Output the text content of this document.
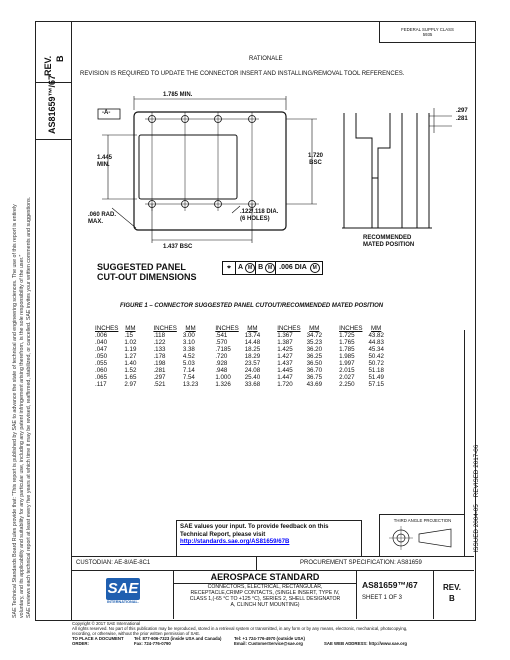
REV. B
AS81659™/67
SAE Technical Standards Board Rules provide that: “This report is published by SAE to advance the state of technical and engineering sciences. The use of this report is entirely voluntary, and its applicability and suitability for any particular use, including any patent infringement arising therefrom, is the sole responsibility of the user.” SAE reviews each technical report at least every five years at which time it may be revised, reaffirmed, stabilized, or cancelled. SAE invites your written comments and suggestions.	ISSUED 2004-05    REVISED 2017-06

FEDERAL SUPPLY CLASS
5935
RATIONALE
REVISION IS REQUIRED TO UPDATE THE CONNECTOR INSERT AND INSTALLING/REMOVAL TOOL REFERENCES.
1.785 MIN.
-A-
1.445
MIN.
1.720
BSC
.060 RAD.
MAX.
.122/.118 DIA.
(6 HOLES)
1.437 BSC
.297
.281
RECOMMENDED
MATED POSITION
SUGGESTED PANEL
CUT-OUT DIMENSIONS
⌖	A M B M .006 DIA	M
FIGURE 1 – CONNECTOR SUGGESTED PANEL CUTOUT/RECOMMENDED MATED POSITION
INCHES	MM		INCHES	MM		INCHES	MM		INCHES	MM		INCHES	MM
.006	.15		.118	3.00		.541	13.74		1.367	34.72		1.725	43.82
.040	1.02		.122	3.10		.570	14.48		1.387	35.23		1.765	44.83
.047	1.19		.133	3.38		.7185	18.25		1.425	36.20		1.785	45.34
.050	1.27		.178	4.52		.720	18.29		1.427	36.25		1.985	50.42
.055	1.40		.198	5.03		.928	23.57		1.437	36.50		1.997	50.72
.060	1.52		.281	7.14		.948	24.08		1.445	36.70		2.015	51.18
.065	1.65		.297	7.54		1.000	25.40		1.447	36.75		2.027	51.49
.117	2.97		.521	13.23		1.326	33.68		1.720	43.69		2.250	57.15
SAE values your input. To provide feedback on this
Technical Report, please visit
http://standards.sae.org/AS81659/67B
THIRD ANGLE PROJECTION
CUSTODIAN: AE-8/AE-8C1	PROCUREMENT SPECIFICATION: AS81659
SAE
INTERNATIONAL.
AEROSPACE STANDARD
CONNECTORS, ELECTRICAL, RECTANGULAR,
RECEPTACLE,CRIMP CONTACTS, (SINGLE INSERT, TYPE IV,
CLASS 1,(-65 °C TO +125 °C), SERIES 2, SHELL DESIGNATOR
A, CLINCH NUT MOUNTING)
AS81659™/67
SHEET 1 OF 3
REV.
B
Copyright © 2017 SAE International
All rights reserved. No part of this publication may be reproduced, stored in a retrieval system or transmitted, in any form or by any means, electronic, mechanical, photocopying,
recording, or otherwise, without the prior written permission of SAE.
TO PLACE A DOCUMENT ORDER:
Tel: 877-606-7323 (inside USA and Canada)
Fax: 724-776-0790
Tel: +1 724-776-4970 (outside USA)
Email: CustomerService@sae.org	SAE WEB ADDRESS: http://www.sae.org
